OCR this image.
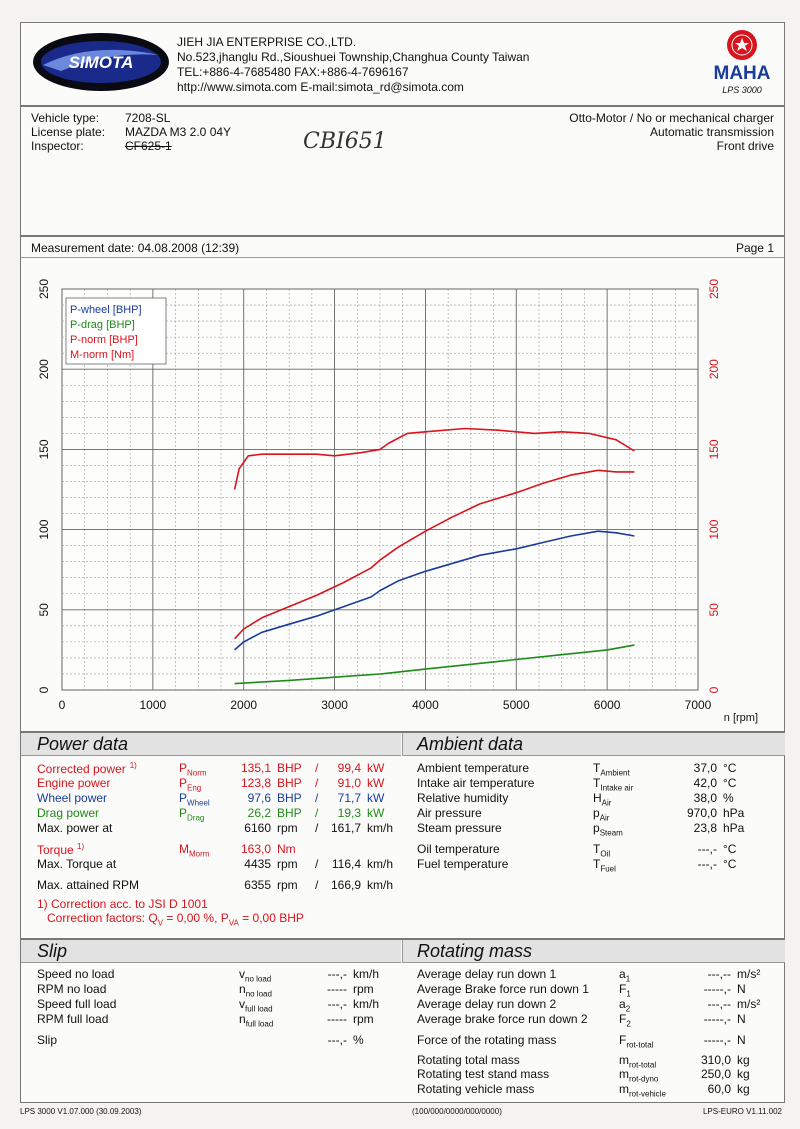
SIMOTA
JIEH JIA ENTERPRISE CO.,LTD.
No.523,jhanglu Rd.,Sioushuei Township,Changhua County Taiwan
TEL:+886-4-7685480 FAX:+886-4-7696167
http://www.simota.com E-mail:simota_rd@simota.com
MAHA
LPS 3000
Vehicle type: 7208-SL
License plate: MAZDA M3 2.0 04Y
Inspector:	CF625-1	CBI651
Otto-Motor / No or mechanical charger
Automatic transmission
Front drive
Measurement date: 04.08.2008 (12:39)	Page 1
0	1000	2000	3000	4000	5000	6000	7000
0
50
100
150
200
250
0
50
100
150
200
250
n [rpm]
P-wheel [BHP]
P-drag [BHP]
P-norm [BHP]
M-norm [Nm]
Power data	Ambient data
Corrected power $^{1)}$	$P_{Norm}$	135,1 BHP /	99,4 kW
Engine power	$P_{Eng}$	123,8 BHP /	91,0 kW
Wheel power	$P_{Wheel}$	97,6 BHP /	71,7 kW
Drag power	$P_{Drag}$	26,2 BHP /	19,3 kW
Max. power at	6160 rpm /	161,7 km/h
Ambient temperature	$T_{Ambient}$	37,0 °C
Intake air temperature	$T_{Intake air}$	42,0 °C
Relative humidity	$H_{Air}$	38,0 %
Air pressure	$p_{Air}$	970,0 hPa
Steam pressure	$p_{Steam}$	23,8 hPa
Oil temperature	$T_{Oil}$	---,- °C
Fuel temperature	$T_{Fuel}$	---,- °C
Torque $^{1)}$	$M_{Morm}$	163,0 Nm
Max. Torque at	4435 rpm /	116,4 km/h
Max. attained RPM	6355 rpm /	166,9 km/h
1) Correction acc. to JSI D 1001
Correction factors: $Q_V = 0,00$ %, $P_{VA} = 0,00$ BHP
Slip	Rotating mass
Speed no load	$v_{no load}$	---,- km/h
RPM no load	$n_{no load}$	----- rpm
Speed full load	$v_{full load}$	---,- km/h
RPM full load	$n_{full load}$	----- rpm
Slip	---,- %
Average delay run down 1	$a_1$	---,-- m/s²
Average Brake force run down 1	$F_1$	-----,- N
Average delay run down 2	$a_2$	---,-- m/s²
Average brake force run down 2	$F_2$	-----,- N
Force of the rotating mass	$F_{rot-total}$	-----,- N
Rotating total mass	$m_{rot-total}$	310,0 kg
Rotating test stand mass	$m_{rot-dyno}$	250,0 kg
Rotating vehicle mass	$m_{rot-vehicle}$	60,0 kg
LPS 3000 V1.07.000 (30.09.2003)	(100/000/0000/000/0000)	LPS-EURO V1.11.002
